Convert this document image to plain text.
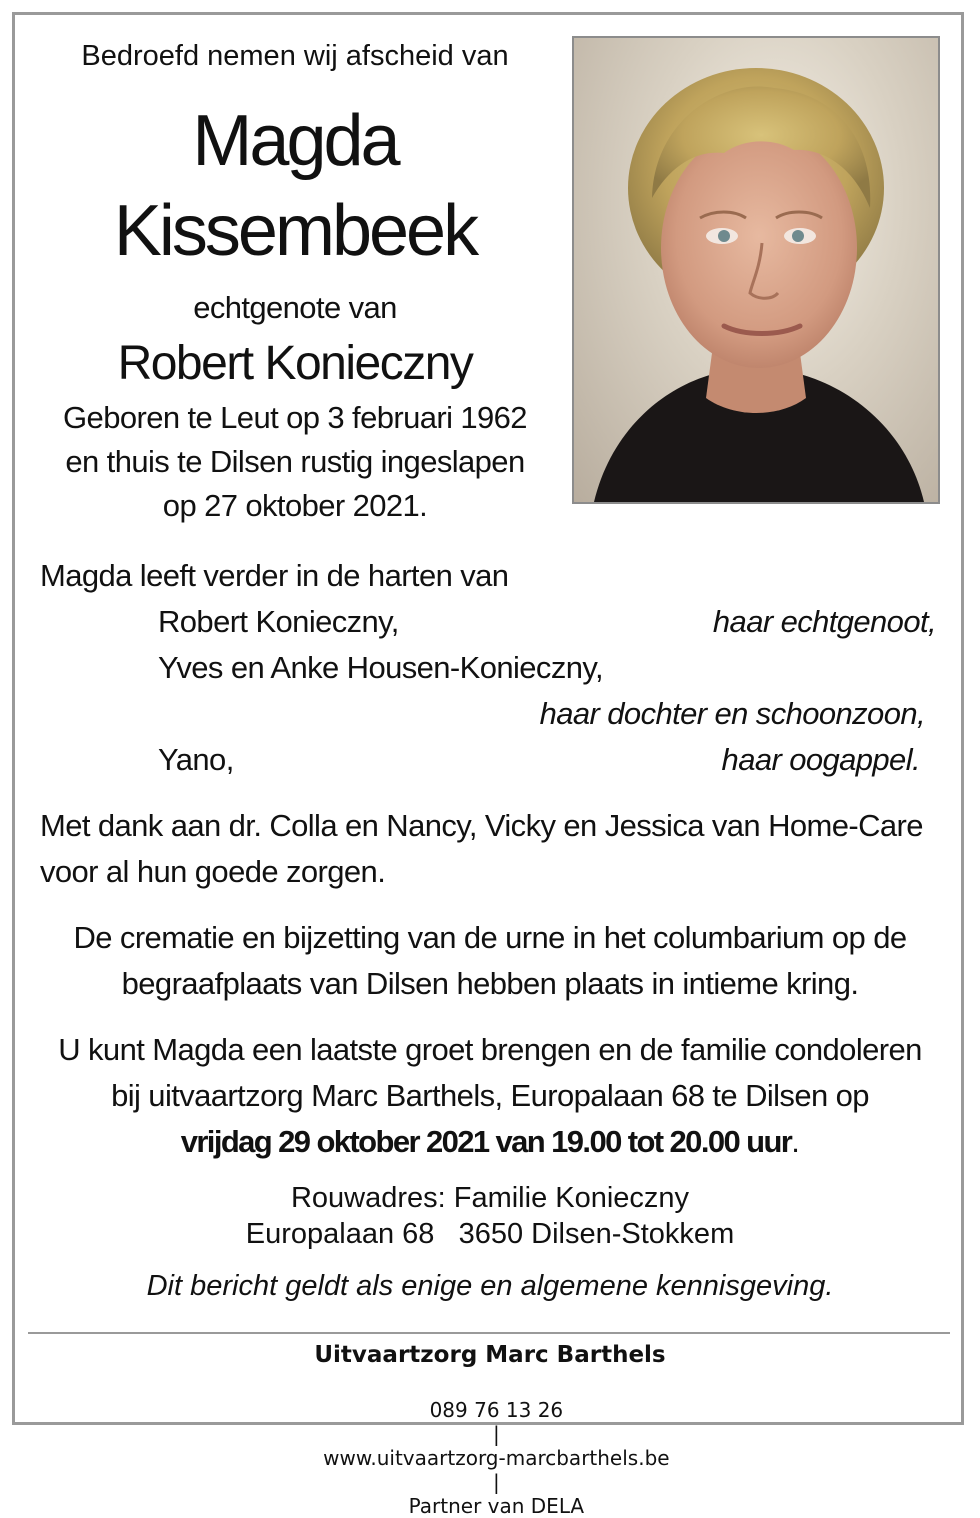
Bedroefd nemen wij afscheid van
Magda
Kissembeek
echtgenote van
Robert Konieczny
Geboren te Leut op 3 februari 1962
en thuis te Dilsen rustig ingeslapen
op 27 oktober 2021.
Magda leeft verder in de harten van
Robert Konieczny,	haar echtgenoot,
Yves en Anke Housen-Konieczny,
haar dochter en schoonzoon,
Yano,	haar oogappel.
Met dank aan dr. Colla en Nancy, Vicky en Jessica van Home-Care
voor al hun goede zorgen.
De crematie en bijzetting van de urne in het columbarium op de
begraafplaats van Dilsen hebben plaats in intieme kring.
U kunt Magda een laatste groet brengen en de familie condoleren
bij uitvaartzorg Marc Barthels, Europalaan 68 te Dilsen op
vrijdag 29 oktober 2021 van 19.00 tot 20.00 uur.
Rouwadres: Familie Konieczny
Europalaan 68   3650 Dilsen-Stokkem
Dit bericht geldt als enige en algemene kennisgeving.
Uitvaartzorg Marc Barthels

089 76 13 26
|
www.uitvaartzorg-marcbarthels.be
|
Partner van DELA
